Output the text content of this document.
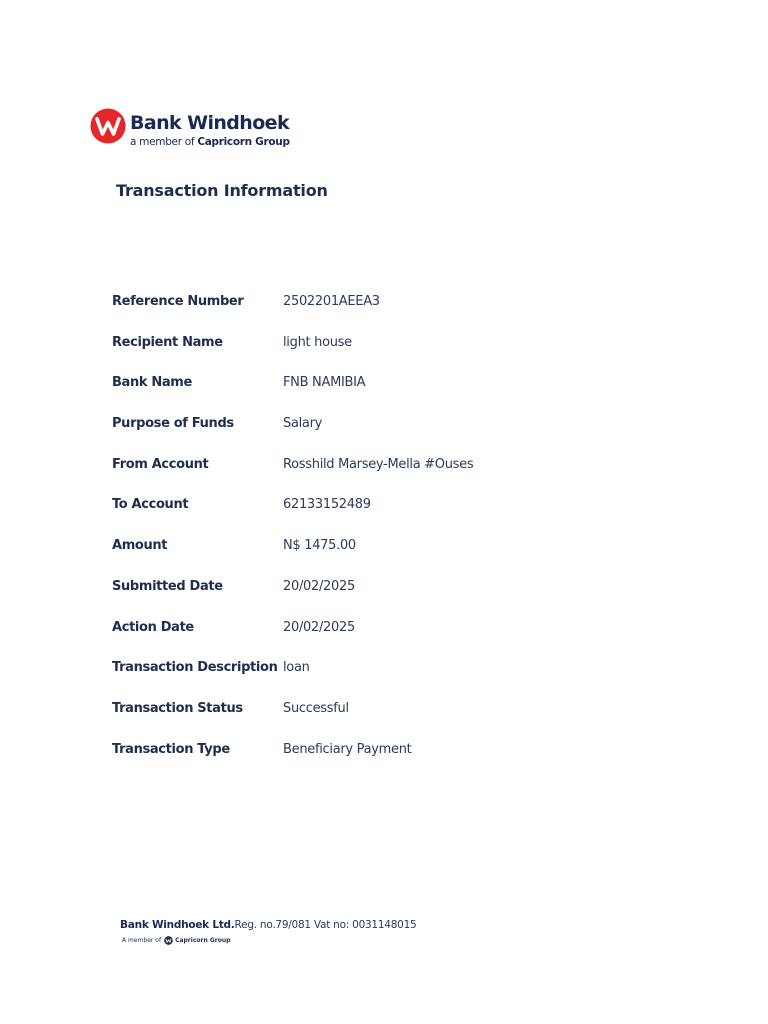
Bank Windhoek
a member of Capricorn Group
Transaction Information
Reference Number	2502201AEEA3
Recipient Name	light house
Bank Name	FNB NAMIBIA
Purpose of Funds	Salary
From Account	Rosshild Marsey-Mella #Ouses
To Account	62133152489
Amount	N$ 1475.00
Submitted Date	20/02/2025
Action Date	20/02/2025
Transaction Description loan
Transaction Status	Successful
Transaction Type	Beneficiary Payment
Bank Windhoek Ltd.Reg. no.79/081 Vat no: 0031148015
A member of Capricorn Group
